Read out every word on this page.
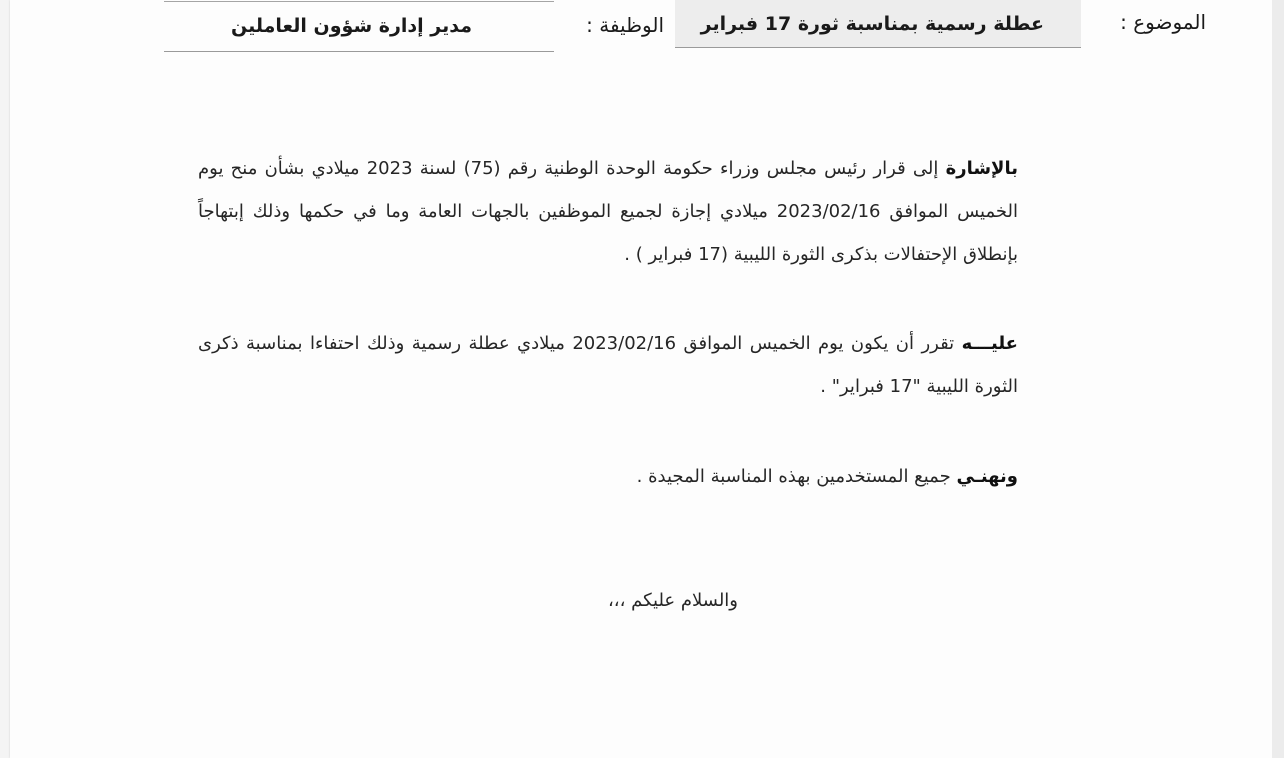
الموضوع :
عطلة رسمية بمناسبة ثورة 17 فبراير
الوظيفة :
مدير إدارة شؤون العاملين
بالإشارة إلى قرار رئيس مجلس وزراء حكومة الوحدة الوطنية رقم (75) لسنة 2023 ميلادي بشأن منح يوم الخميس الموافق 2023/02/16 ميلادي إجازة لجميع الموظفين بالجهات العامة وما في حكمها وذلك إبتهاجاً بإنطلاق الإحتفالات بذكرى الثورة الليبية (17 فبراير ) .
عليـــه تقرر أن يكون يوم الخميس الموافق 2023/02/16 ميلادي عطلة رسمية وذلك احتفاءا بمناسبة ذكرى الثورة الليبية "17 فبراير" .
ونهنـي جميع المستخدمين بهذه المناسبة المجيدة .
والسلام عليكم ،،،
